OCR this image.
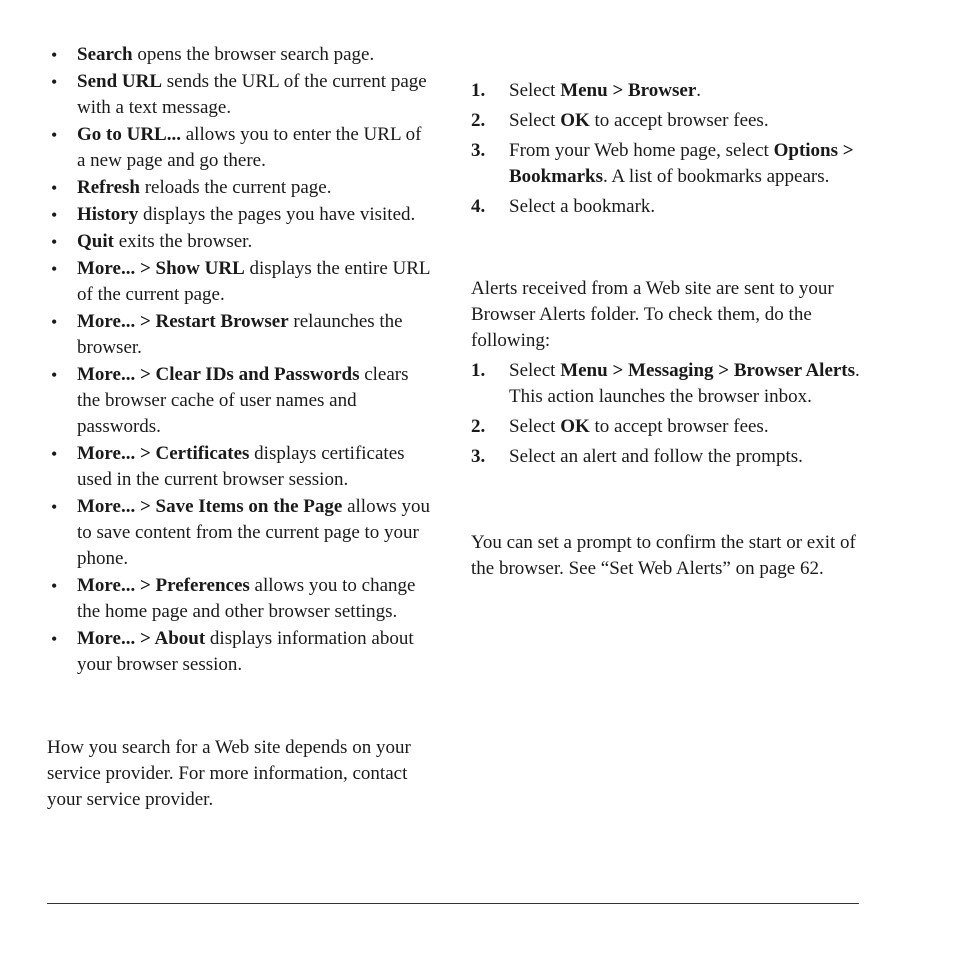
• Search opens the browser search page.
• Send URL sends the URL of the current page with a text message.
• Go to URL... allows you to enter the URL of a new page and go there.
• Refresh reloads the current page.
• History displays the pages you have visited.
• Quit exits the browser.
• More... > Show URL displays the entire URL of the current page.
• More... > Restart Browser relaunches the browser.
• More... > Clear IDs and Passwords clears the browser cache of user names and passwords.
• More... > Certificates displays certificates used in the current browser session.
• More... > Save Items on the Page allows you to save content from the current page to your phone.
• More... > Preferences allows you to change the home page and other browser settings.
• More... > About displays information about your browser session.

How you search for a Web site depends on your service provider. For more information, contact your service provider.

1. Select Menu > Browser.
2. Select OK to accept browser fees.
3. From your Web home page, select Options > Bookmarks. A list of bookmarks appears.
4. Select a bookmark.

Alerts received from a Web site are sent to your Browser Alerts folder. To check them, do the following:

1. Select Menu > Messaging > Browser Alerts. This action launches the browser inbox.
2. Select OK to accept browser fees.
3. Select an alert and follow the prompts.

You can set a prompt to confirm the start or exit of the browser. See “Set Web Alerts” on page 62.
